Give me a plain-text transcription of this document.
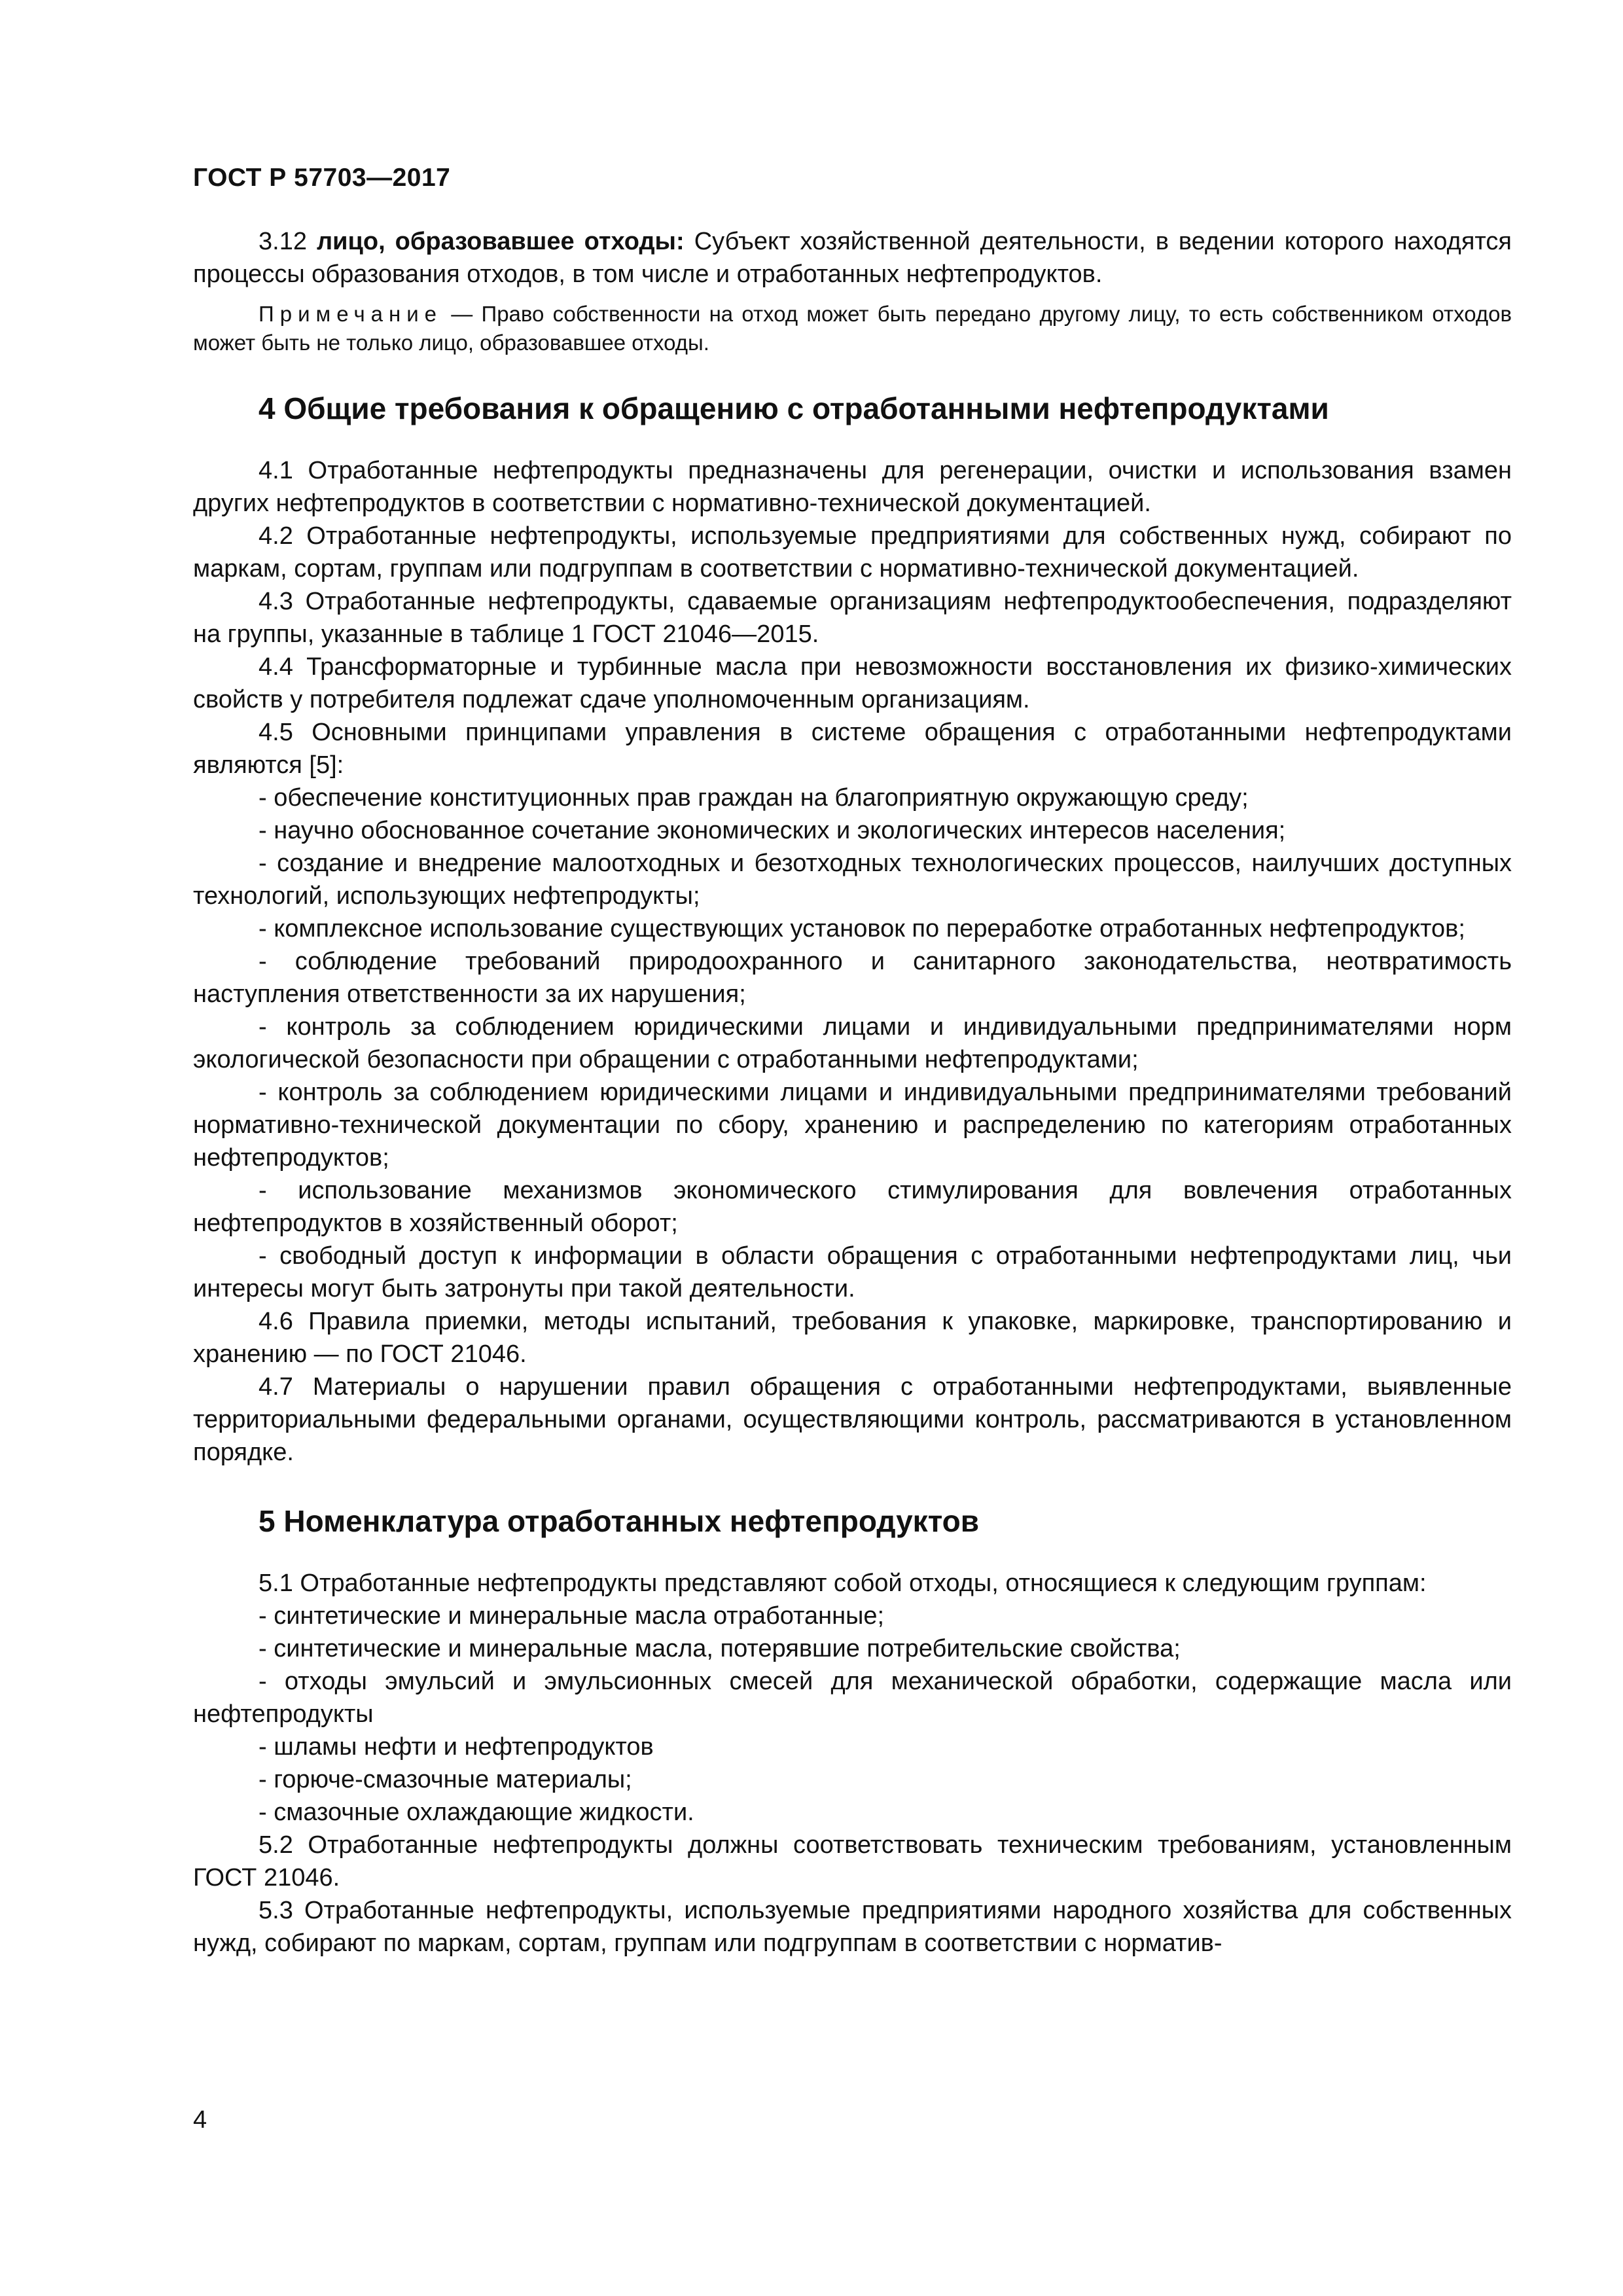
ГОСТ Р 57703—2017

3.12 лицо, образовавшее отходы: Субъект хозяйственной деятельности, в ведении которого находятся процессы образования отходов, в том числе и отработанных нефтепродуктов.

Примечание — Право собственности на отход может быть передано другому лицу, то есть собственником отходов может быть не только лицо, образовавшее отходы.

4 Общие требования к обращению с отработанными нефтепродуктами

4.1 Отработанные нефтепродукты предназначены для регенерации, очистки и использования взамен других нефтепродуктов в соответствии с нормативно-технической документацией.

4.2 Отработанные нефтепродукты, используемые предприятиями для собственных нужд, собирают по маркам, сортам, группам или подгруппам в соответствии с нормативно-технической документацией.

4.3 Отработанные нефтепродукты, сдаваемые организациям нефтепродуктообеспечения, подразделяют на группы, указанные в таблице 1 ГОСТ 21046—2015.

4.4 Трансформаторные и турбинные масла при невозможности восстановления их физико-химических свойств у потребителя подлежат сдаче уполномоченным организациям.

4.5 Основными принципами управления в системе обращения с отработанными нефтепродуктами являются [5]:

- обеспечение конституционных прав граждан на благоприятную окружающую среду;

- научно обоснованное сочетание экономических и экологических интересов населения;

- создание и внедрение малоотходных и безотходных технологических процессов, наилучших доступных технологий, использующих нефтепродукты;

- комплексное использование существующих установок по переработке отработанных нефтепродуктов;

- соблюдение требований природоохранного и санитарного законодательства, неотвратимость наступления ответственности за их нарушения;

- контроль за соблюдением юридическими лицами и индивидуальными предпринимателями норм экологической безопасности при обращении с отработанными нефтепродуктами;

- контроль за соблюдением юридическими лицами и индивидуальными предпринимателями требований нормативно-технической документации по сбору, хранению и распределению по категориям отработанных нефтепродуктов;

- использование механизмов экономического стимулирования для вовлечения отработанных нефтепродуктов в хозяйственный оборот;

- свободный доступ к информации в области обращения с отработанными нефтепродуктами лиц, чьи интересы могут быть затронуты при такой деятельности.

4.6 Правила приемки, методы испытаний, требования к упаковке, маркировке, транспортированию и хранению — по ГОСТ 21046.

4.7 Материалы о нарушении правил обращения с отработанными нефтепродуктами, выявленные территориальными федеральными органами, осуществляющими контроль, рассматриваются в установленном порядке.

5 Номенклатура отработанных нефтепродуктов

5.1 Отработанные нефтепродукты представляют собой отходы, относящиеся к следующим группам:

- синтетические и минеральные масла отработанные;

- синтетические и минеральные масла, потерявшие потребительские свойства;

- отходы эмульсий и эмульсионных смесей для механической обработки, содержащие масла или нефтепродукты

- шламы нефти и нефтепродуктов

- горюче-смазочные материалы;

- смазочные охлаждающие жидкости.

5.2 Отработанные нефтепродукты должны соответствовать техническим требованиям, установленным ГОСТ 21046.

5.3 Отработанные нефтепродукты, используемые предприятиями народного хозяйства для собственных нужд, собирают по маркам, сортам, группам или подгруппам в соответствии с норматив-

4
